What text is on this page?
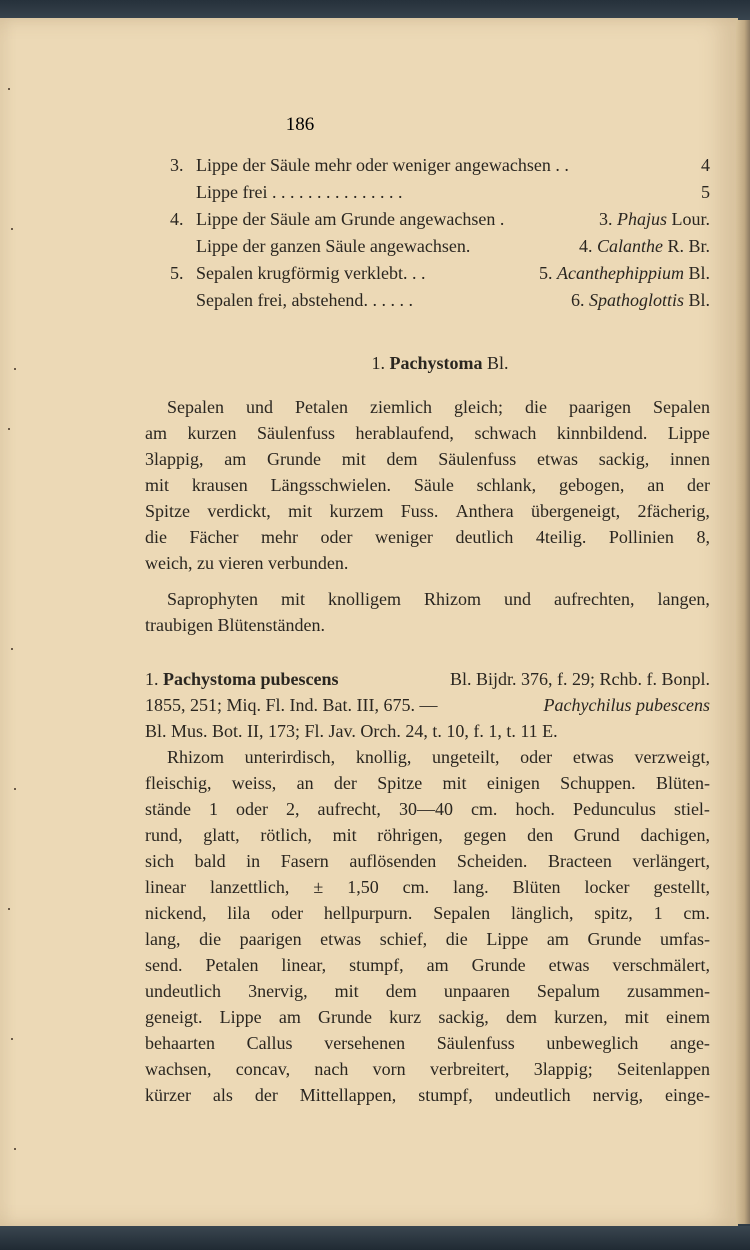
186
3. Lippe der Säule mehr oder weniger angewachsen . .	4
Lippe frei . . . . . . . . . . . . . . .	5
4. Lippe der Säule am Grunde angewachsen .	3. Phajus Lour.
Lippe der ganzen Säule angewachsen.	4. Calanthe R. Br.
5. Sepalen krugförmig verklebt. . .	5. Acanthephippium Bl.
Sepalen frei, abstehend. . . . . .	6. Spathoglottis Bl.
1. Pachystoma Bl.
Sepalen und Petalen ziemlich gleich; die paarigen Sepalen
am kurzen Säulenfuss herablaufend, schwach kinnbildend. Lippe
3lappig, am Grunde mit dem Säulenfuss etwas sackig, innen
mit krausen Längsschwielen. Säule schlank, gebogen, an der
Spitze verdickt, mit kurzem Fuss. Anthera übergeneigt, 2fächerig,
die Fächer mehr oder weniger deutlich 4teilig. Pollinien 8,
weich, zu vieren verbunden.
Saprophyten mit knolligem Rhizom und aufrechten, langen,
traubigen Blütenständen.
1. Pachystoma pubescens	Bl. Bijdr. 376, f. 29; Rchb. f. Bonpl.
1855, 251; Miq. Fl. Ind. Bat. III, 675. —	Pachychilus pubescens
Bl. Mus. Bot. II, 173; Fl. Jav. Orch. 24, t. 10, f. 1, t. 11 E.
Rhizom unterirdisch, knollig, ungeteilt, oder etwas verzweigt,
fleischig, weiss, an der Spitze mit einigen Schuppen. Blüten-
stände 1 oder 2, aufrecht, 30—40 cm. hoch. Pedunculus stiel-
rund, glatt, rötlich, mit röhrigen, gegen den Grund dachigen,
sich bald in Fasern auflösenden Scheiden. Bracteen verlängert,
linear lanzettlich, ± 1,50 cm. lang. Blüten locker gestellt,
nickend, lila oder hellpurpurn. Sepalen länglich, spitz, 1 cm.
lang, die paarigen etwas schief, die Lippe am Grunde umfas-
send. Petalen linear, stumpf, am Grunde etwas verschmälert,
undeutlich 3nervig, mit dem unpaaren Sepalum zusammen-
geneigt. Lippe am Grunde kurz sackig, dem kurzen, mit einem
behaarten Callus versehenen Säulenfuss unbeweglich ange-
wachsen, concav, nach vorn verbreitert, 3lappig; Seitenlappen
kürzer als der Mittellappen, stumpf, undeutlich nervig, einge-
